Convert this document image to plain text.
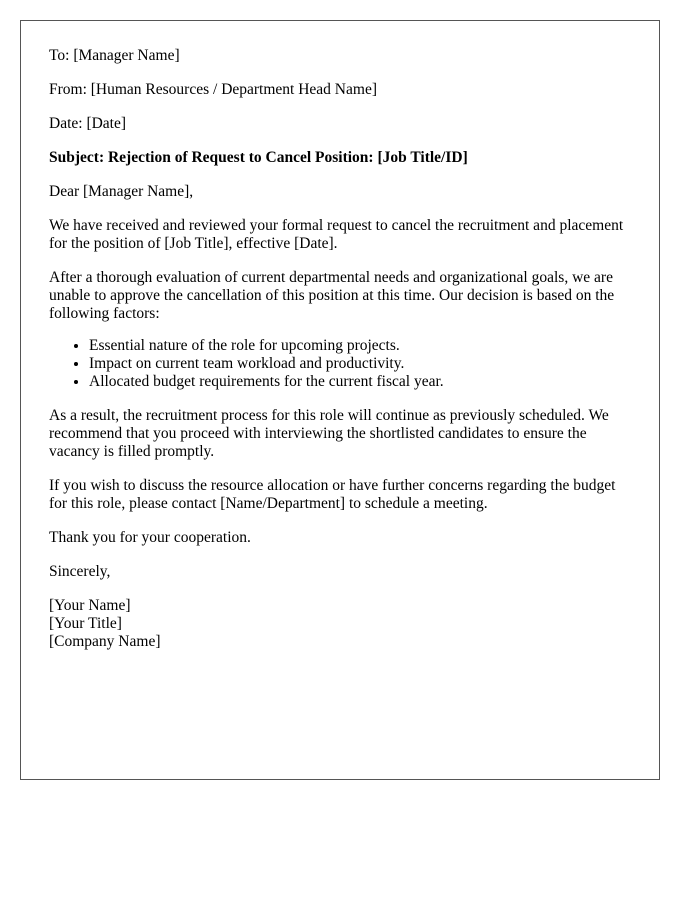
To: [Manager Name]

From: [Human Resources / Department Head Name]

Date: [Date]

Subject: Rejection of Request to Cancel Position: [Job Title/ID]

Dear [Manager Name],

We have received and reviewed your formal request to cancel the recruitment and placement for the position of [Job Title], effective [Date].

After a thorough evaluation of current departmental needs and organizational goals, we are unable to approve the cancellation of this position at this time. Our decision is based on the following factors:

• Essential nature of the role for upcoming projects.
• Impact on current team workload and productivity.
• Allocated budget requirements for the current fiscal year.

As a result, the recruitment process for this role will continue as previously scheduled. We recommend that you proceed with interviewing the shortlisted candidates to ensure the vacancy is filled promptly.

If you wish to discuss the resource allocation or have further concerns regarding the budget for this role, please contact [Name/Department] to schedule a meeting.

Thank you for your cooperation.

Sincerely,

[Your Name]
[Your Title]
[Company Name]
